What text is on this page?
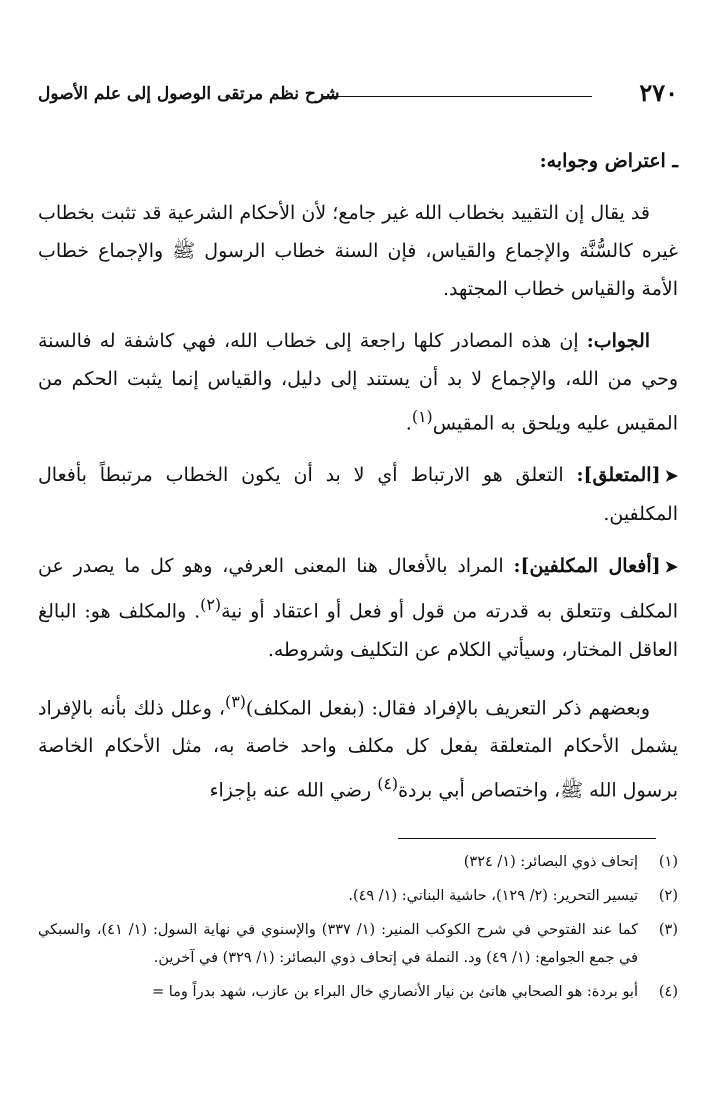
٢٧٠
شرح نظم مرتقى الوصول إلى علم الأصول

ـ اعتراض وجوابه:

قد يقال إن التقييد بخطاب الله غير جامع؛ لأن الأحكام الشرعية قد تثبت بخطاب غيره كالسُّنَّة والإجماع والقياس، فإن السنة خطاب الرسول ﷺ والإجماع خطاب الأمة والقياس خطاب المجتهد.

الجواب: إن هذه المصادر كلها راجعة إلى خطاب الله، فهي كاشفة له فالسنة وحي من الله، والإجماع لا بد أن يستند إلى دليل، والقياس إنما يثبت الحكم من المقيس عليه ويلحق به المقيس$^{(١)}$.

➤[المتعلق]: التعلق هو الارتباط أي لا بد أن يكون الخطاب مرتبطاً بأفعال المكلفين.

➤[أفعال المكلفين]: المراد بالأفعال هنا المعنى العرفي، وهو كل ما يصدر عن المكلف وتتعلق به قدرته من قول أو فعل أو اعتقاد أو نية$^{(٢)}$. والمكلف هو: البالغ العاقل المختار، وسيأتي الكلام عن التكليف وشروطه.

وبعضهم ذكر التعريف بالإفراد فقال: (بفعل المكلف)$^{(٣)}$، وعلل ذلك بأنه بالإفراد يشمل الأحكام المتعلقة بفعل كل مكلف واحد خاصة به، مثل الأحكام الخاصة برسول الله ﷺ، واختصاص أبي بردة$^{(٤)}$ رضي الله عنه بإجزاء

(١)
إتحاف ذوي البصائر: (١/ ٣٢٤)
(٢)
تيسير التحرير: (٢/ ١٢٩)، حاشية البناني: (١/ ٤٩).
(٣)
كما عند الفتوحي في شرح الكوكب المنير: (١/ ٣٣٧) والإسنوي في نهاية السول: (١/ ٤١)، والسبكي في جمع الجوامع: (١/ ٤٩) ود. النملة في إتحاف ذوي البصائر: (١/ ٣٢٩) في آخرين.
(٤)
أبو بردة: هو الصحابي هانئ بن نيار الأنصاري خال البراء بن عازب، شهد بدراً وما =
